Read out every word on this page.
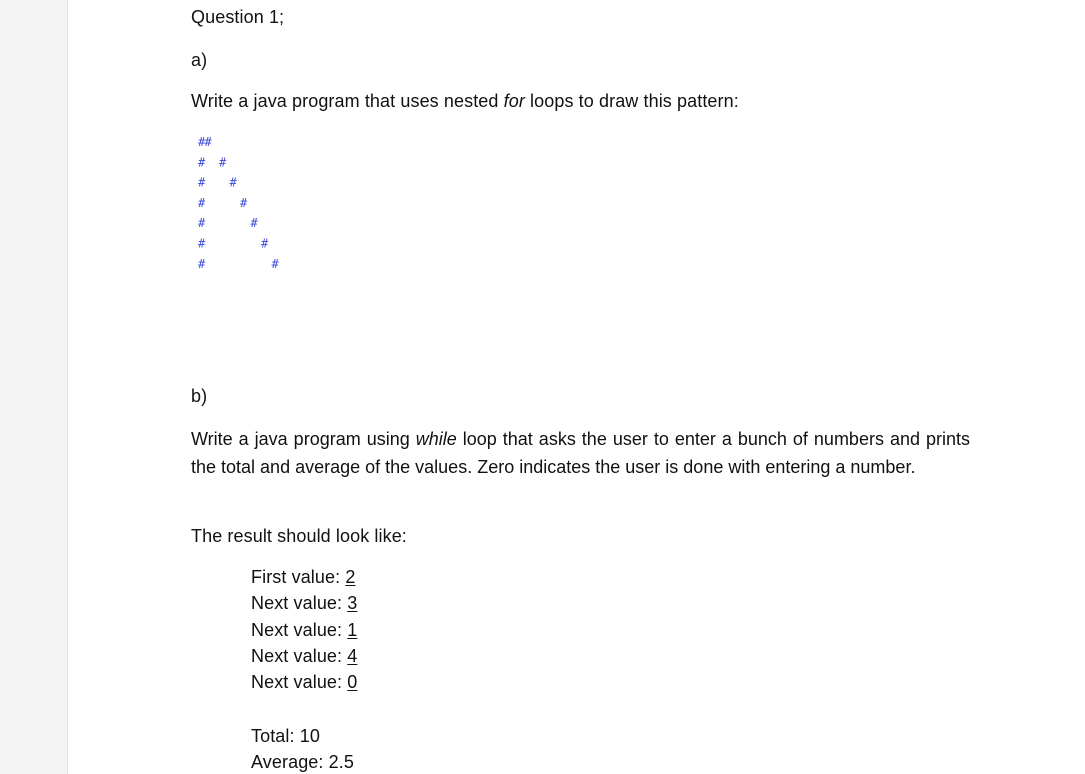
Question 1;
a)
Write a java program that uses nested for loops to draw this pattern:
# #
# #
# #
#	#
#	#
#	#
#	#
b)
Write a java program using while loop that asks the user to enter a bunch of numbers and prints the total and average of the values. Zero indicates the user is done with entering a number.
The result should look like:
First value: 2
Next value: 3
Next value: 1
Next value: 4
Next value: 0
Total: 10
Average: 2.5
